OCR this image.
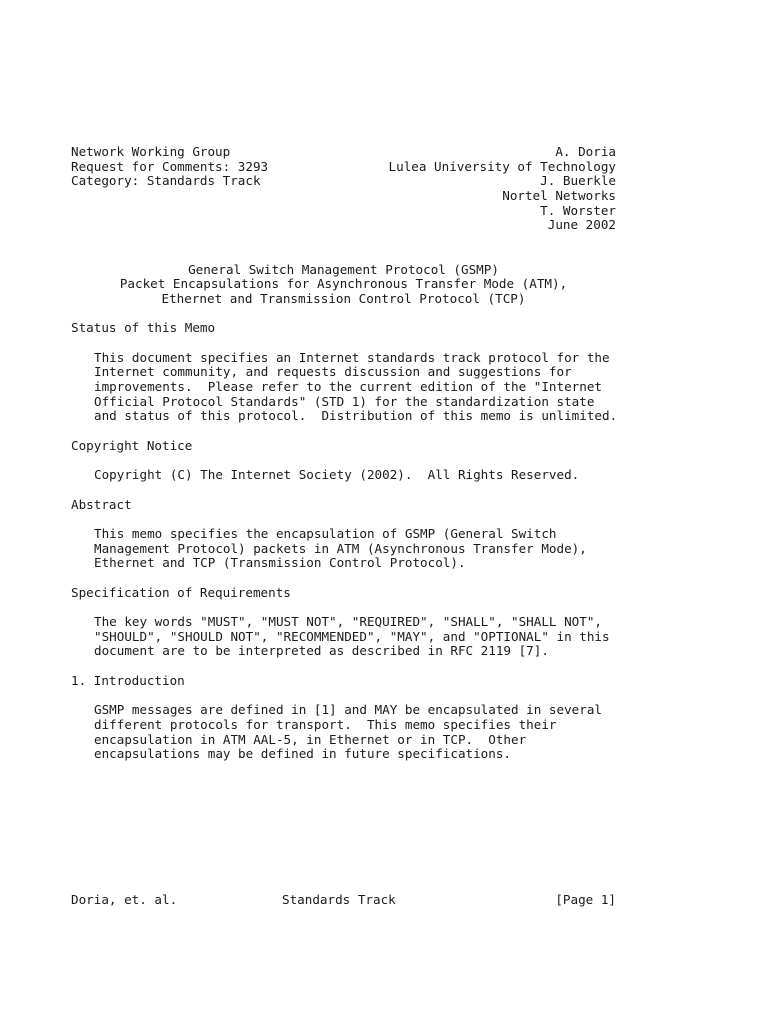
Network Working Group	A. Doria
Request for Comments: 3293	Lulea University of Technology
Category: Standards Track	J. Buerkle
Nortel Networks
T. Worster
June 2002
General Switch Management Protocol (GSMP)
Packet Encapsulations for Asynchronous Transfer Mode (ATM),
Ethernet and Transmission Control Protocol (TCP)
Status of this Memo
This document specifies an Internet standards track protocol for the
Internet community, and requests discussion and suggestions for
improvements.  Please refer to the current edition of the "Internet
Official Protocol Standards" (STD 1) for the standardization state
and status of this protocol.  Distribution of this memo is unlimited.
Copyright Notice
Copyright (C) The Internet Society (2002).  All Rights Reserved.
Abstract
This memo specifies the encapsulation of GSMP (General Switch
Management Protocol) packets in ATM (Asynchronous Transfer Mode),
Ethernet and TCP (Transmission Control Protocol).
Specification of Requirements
The key words "MUST", "MUST NOT", "REQUIRED", "SHALL", "SHALL NOT",
"SHOULD", "SHOULD NOT", "RECOMMENDED", "MAY", and "OPTIONAL" in this
document are to be interpreted as described in RFC 2119 [7].
1. Introduction
GSMP messages are defined in [1] and MAY be encapsulated in several
different protocols for transport.  This memo specifies their
encapsulation in ATM AAL-5, in Ethernet or in TCP.  Other
encapsulations may be defined in future specifications.
Doria, et. al.	Standards Track	[Page 1]
